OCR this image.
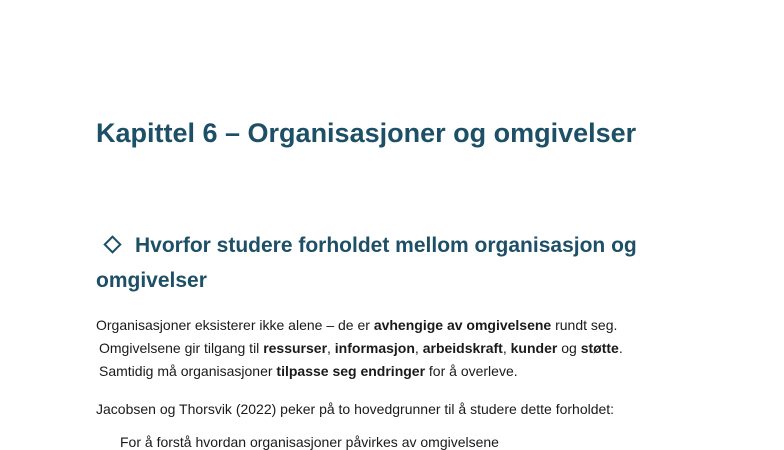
Kapittel 6 – Organisasjoner og omgivelser
Hvorfor studere forholdet mellom organisasjon og omgivelser
Organisasjoner eksisterer ikke alene – de er avhengige av omgivelsene rundt seg.
Omgivelsene gir tilgang til ressurser, informasjon, arbeidskraft, kunder og støtte.
Samtidig må organisasjoner tilpasse seg endringer for å overleve.

Jacobsen og Thorsvik (2022) peker på to hovedgrunner til å studere dette forholdet:

For å forstå hvordan organisasjoner påvirkes av omgivelsene
